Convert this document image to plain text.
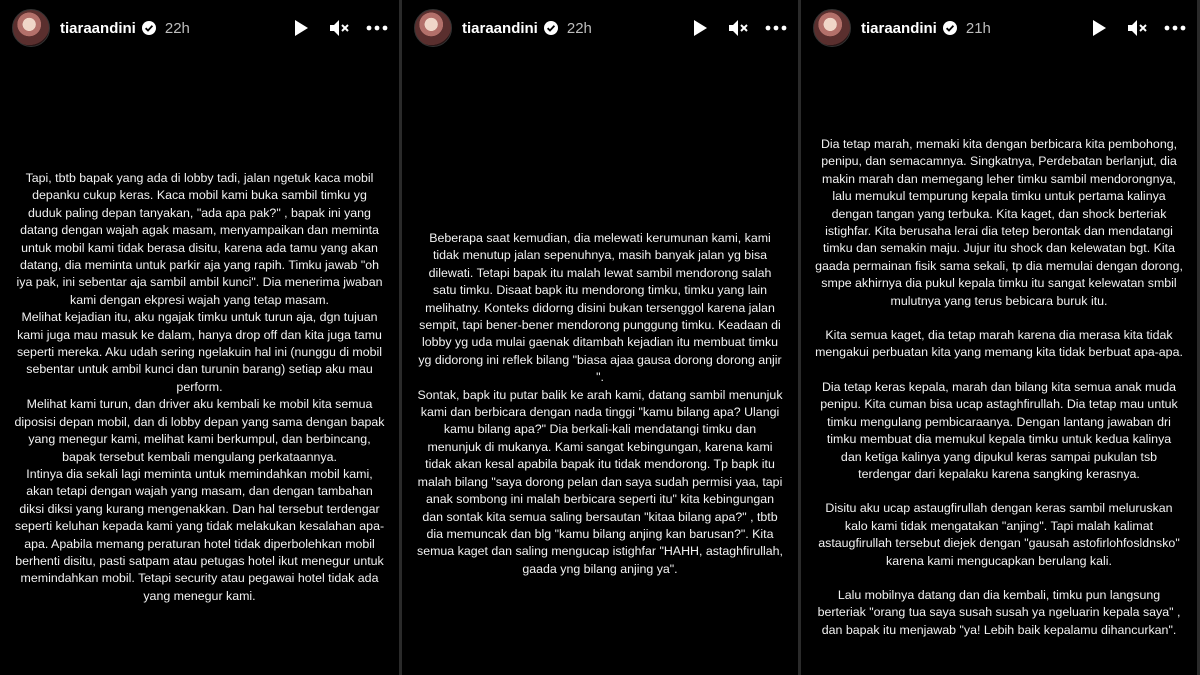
tiaraandini 22h

Tapi, tbtb bapak yang ada di lobby tadi, jalan ngetuk kaca mobil depanku cukup keras. Kaca mobil kami buka sambil timku yg duduk paling depan tanyakan, "ada apa pak?" , bapak ini yang datang dengan wajah agak masam, menyampaikan dan meminta untuk mobil kami tidak berasa disitu, karena ada tamu yang akan datang, dia meminta untuk parkir aja yang rapih. Timku jawab "oh iya pak, ini sebentar aja sambil ambil kunci". Dia menerima jwaban kami dengan ekpresi wajah yang tetap masam.

Melihat kejadian itu, aku ngajak timku untuk turun aja, dgn tujuan kami juga mau masuk ke dalam, hanya drop off dan kita juga tamu seperti mereka. Aku udah sering ngelakuin hal ini (nunggu di mobil sebentar untuk ambil kunci dan turunin barang) setiap aku mau perform.

Melihat kami turun, dan driver aku kembali ke mobil kita semua diposisi depan mobil, dan di lobby depan yang sama dengan bapak yang menegur kami, melihat kami berkumpul, dan berbincang, bapak tersebut kembali mengulang perkataannya.

Intinya dia sekali lagi meminta untuk memindahkan mobil kami, akan tetapi dengan wajah yang masam, dan dengan tambahan diksi diksi yang kurang mengenakkan. Dan hal tersebut terdengar seperti keluhan kepada kami yang tidak melakukan kesalahan apa-apa. Apabila memang peraturan hotel tidak diperbolehkan mobil berhenti disitu, pasti satpam atau petugas hotel ikut menegur untuk memindahkan mobil. Tetapi security atau pegawai hotel tidak ada yang menegur kami.

tiaraandini 22h

Beberapa saat kemudian, dia melewati kerumunan kami, kami tidak menutup jalan sepenuhnya, masih banyak jalan yg bisa dilewati. Tetapi bapak itu malah lewat sambil mendorong salah satu timku. Disaat bapk itu mendorong timku, timku yang lain melihatny. Konteks didorng disini bukan tersenggol karena jalan sempit, tapi bener-bener mendorong punggung timku. Keadaan di lobby yg uda mulai gaenak ditambah kejadian itu membuat timku yg didorong ini reflek bilang "biasa ajaa gausa dorong dorong anjir ".

Sontak, bapk itu putar balik ke arah kami, datang sambil menunjuk kami dan berbicara dengan nada tinggi "kamu bilang apa? Ulangi kamu bilang apa?" Dia berkali-kali mendatangi timku dan menunjuk di mukanya. Kami sangat kebingungan, karena kami tidak akan kesal apabila bapak itu tidak mendorong. Tp bapk itu malah bilang "saya dorong pelan dan saya sudah permisi yaa, tapi anak sombong ini malah berbicara seperti itu" kita kebingungan dan sontak kita semua saling bersautan "kitaa bilang apa?" , tbtb dia memuncak dan blg "kamu bilang anjing kan barusan?". Kita semua kaget dan saling mengucap istighfar "HAHH, astaghfirullah, gaada yng bilang anjing ya".

tiaraandini 21h

Dia tetap marah, memaki kita dengan berbicara kita pembohong, penipu, dan semacamnya. Singkatnya, Perdebatan berlanjut, dia makin marah dan memegang leher timku sambil mendorongnya, lalu memukul tempurung kepala timku untuk pertama kalinya dengan tangan yang terbuka. Kita kaget, dan shock berteriak istighfar. Kita berusaha lerai dia tetep berontak dan mendatangi timku dan semakin maju. Jujur itu shock dan kelewatan bgt. Kita gaada permainan fisik sama sekali, tp dia memulai dengan dorong, smpe akhirnya dia pukul kepala timku itu sangat kelewatan smbil mulutnya yang terus bebicara buruk itu.

Kita semua kaget, dia tetap marah karena dia merasa kita tidak mengakui perbuatan kita yang memang kita tidak berbuat apa-apa.

Dia tetap keras kepala, marah dan bilang kita semua anak muda penipu. Kita cuman bisa ucap astaghfirullah. Dia tetap mau untuk timku mengulang pembicaraanya. Dengan lantang jawaban dri timku membuat dia memukul kepala timku untuk kedua kalinya dan ketiga kalinya yang dipukul keras sampai pukulan tsb terdengar dari kepalaku karena sangking kerasnya.

Disitu aku ucap astaugfirullah dengan keras sambil meluruskan kalo kami tidak mengatakan "anjing". Tapi malah kalimat astaugfirullah tersebut diejek dengan "gausah astofirlohfosldnsko" karena kami mengucapkan berulang kali.

Lalu mobilnya datang dan dia kembali, timku pun langsung berteriak "orang tua saya susah susah ya ngeluarin kepala saya" , dan bapak itu menjawab "ya! Lebih baik kepalamu dihancurkan".
